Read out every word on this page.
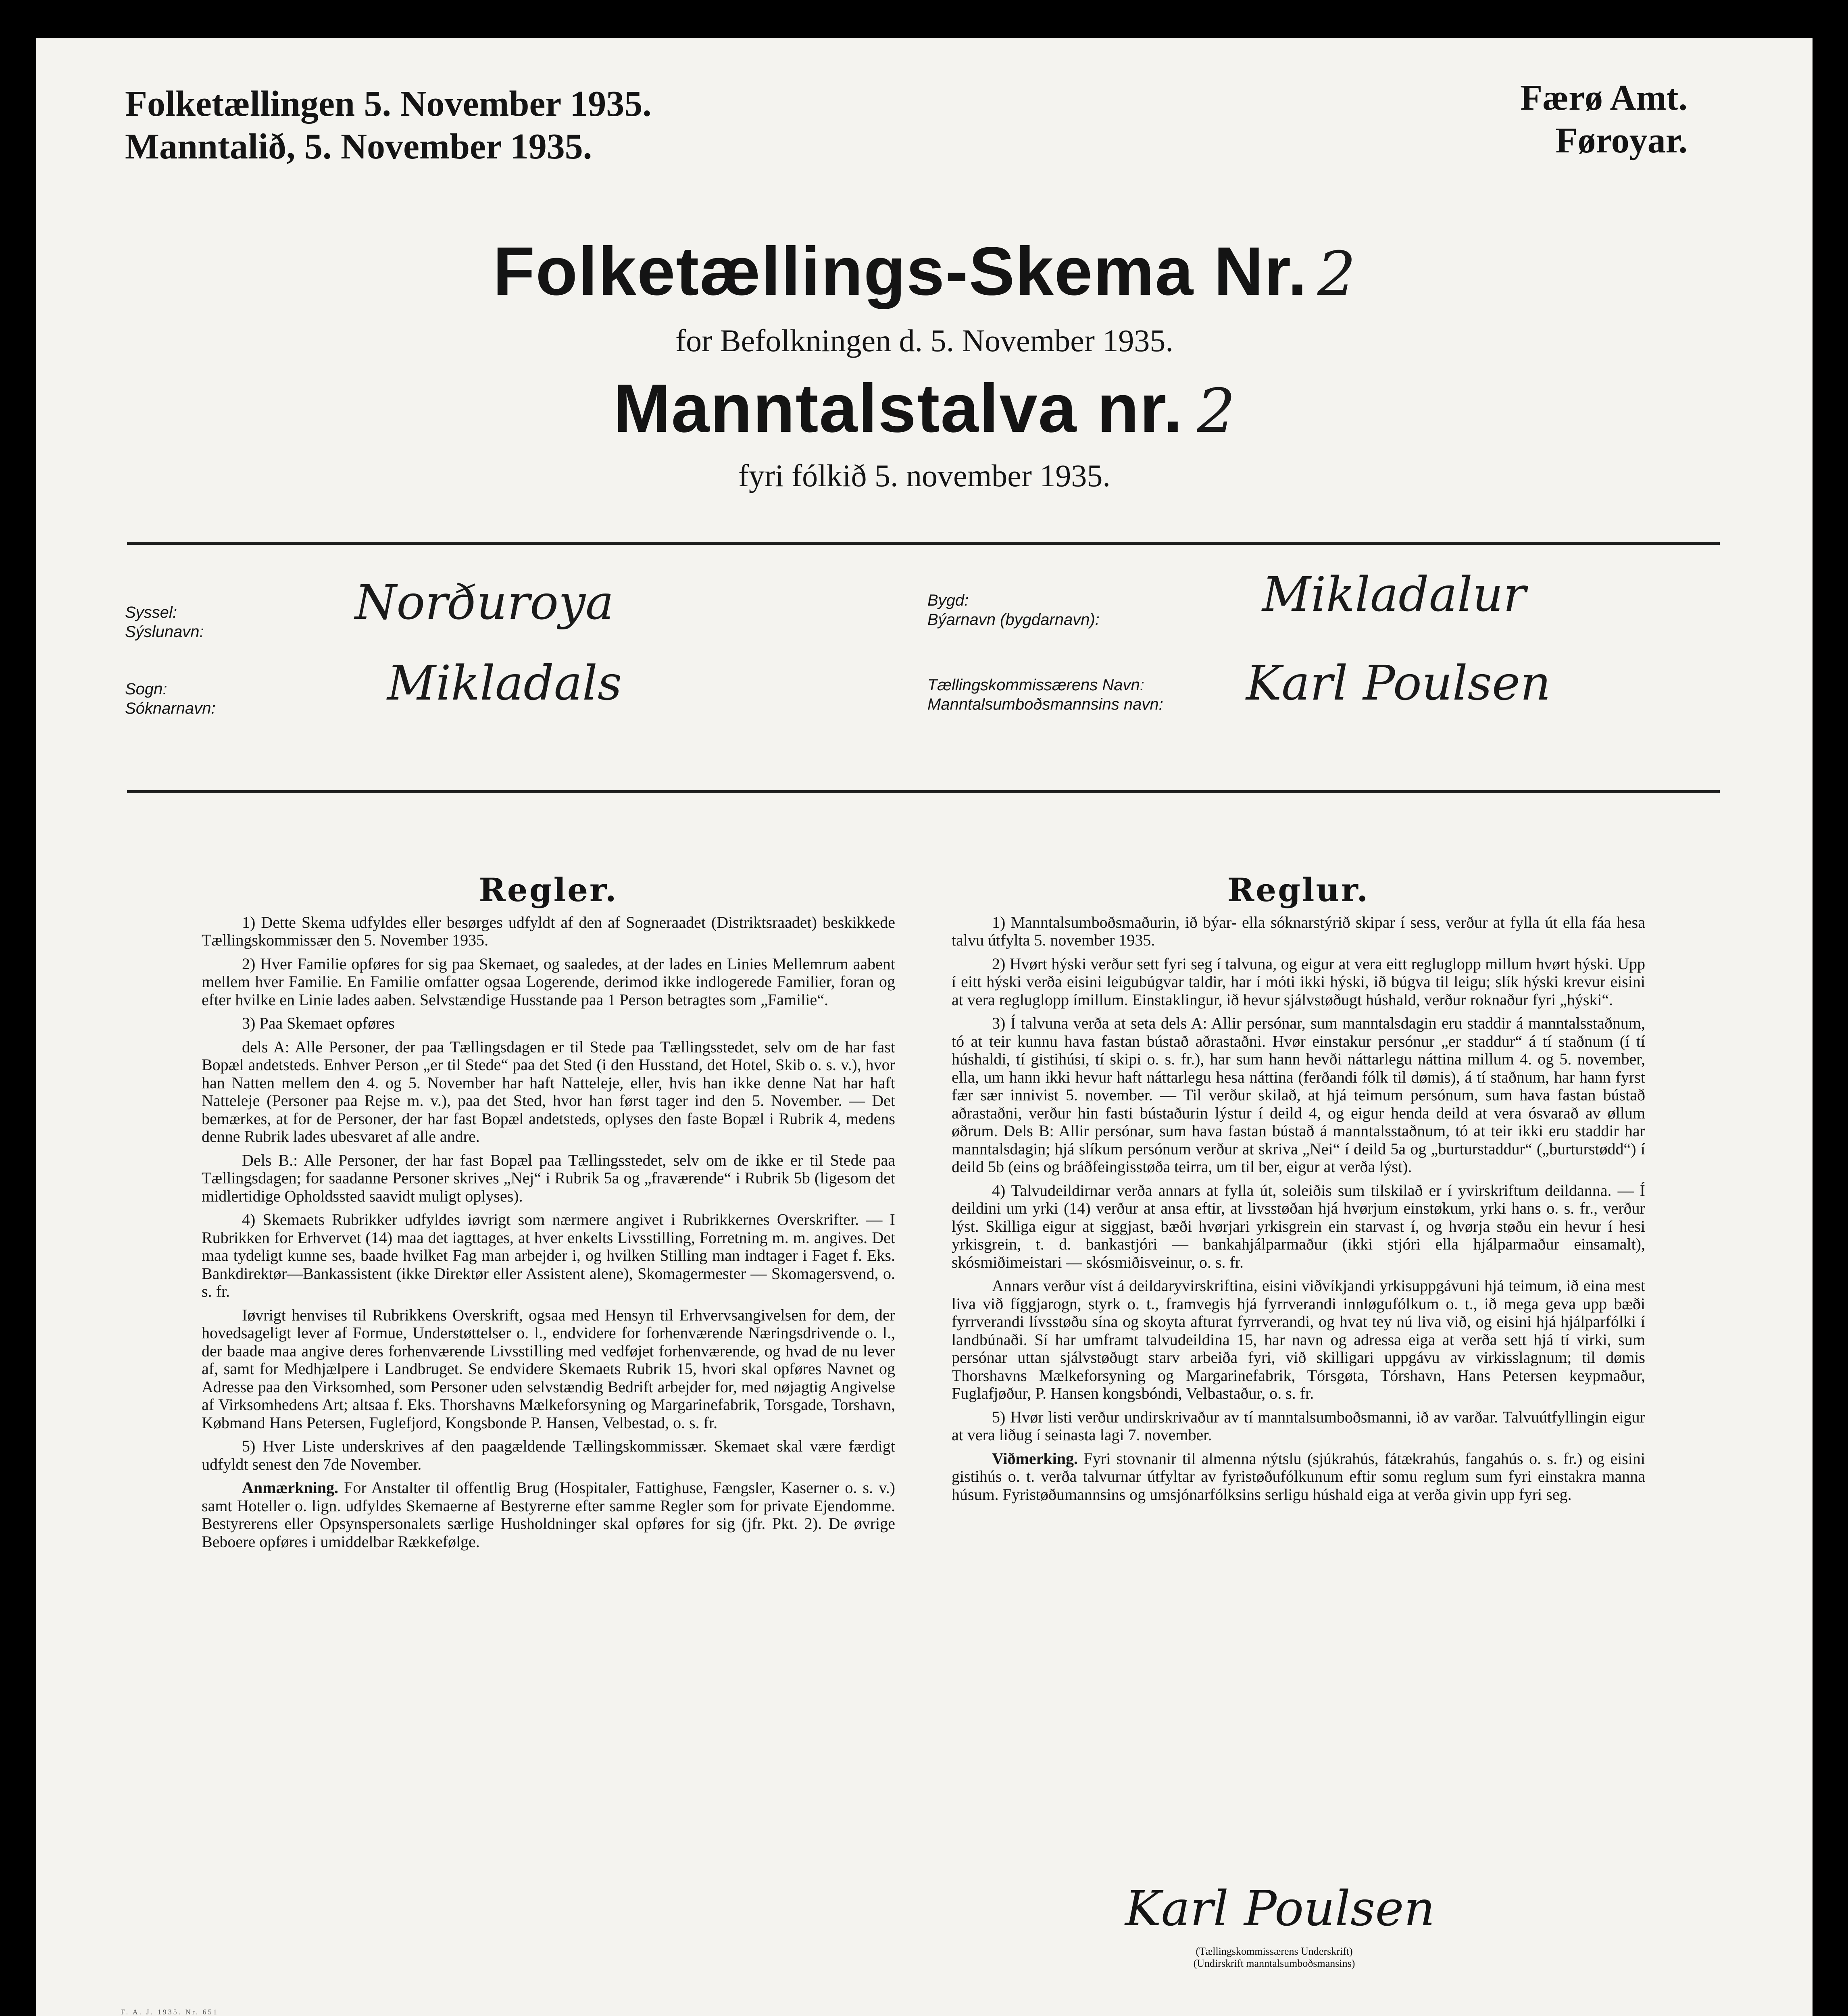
Folketællingen 5. November 1935.
Manntalið, 5. November 1935.
Færø Amt.
Føroyar.
Folketællings-Skema Nr. 2
for Befolkningen d. 5. November 1935.
Manntalstalva nr. 2
fyri fólkið 5. november 1935.
Syssel:
Sýslunavn:
Norðuroya
Sogn:
Sóknarnavn:	Mikladals
Bygd:
Býarnavn (bygdarnavn):	Mikladalur
Tællingskommissærens Navn:
Manntalsumboðsmannsins navn: Karl Poulsen
Regler.

1) Dette Skema udfyldes eller besørges udfyldt af den af Sogneraadet (Distriktsraadet) beskikkede Tællingskommissær den 5. November 1935.

2) Hver Familie opføres for sig paa Skemaet, og saaledes, at der lades en Linies Mellemrum aabent mellem hver Familie. En Familie omfatter ogsaa Logerende, derimod ikke indlogerede Familier, foran og efter hvilke en Linie lades aaben. Selvstændige Husstande paa 1 Person betragtes som „Familie“.

3) Paa Skemaet opføres

dels A: Alle Personer, der paa Tællingsdagen er til Stede paa Tællingsstedet, selv om de har fast Bopæl andetsteds. Enhver Person „er til Stede“ paa det Sted (i den Husstand, det Hotel, Skib o. s. v.), hvor han Natten mellem den 4. og 5. November har haft Natteleje, eller, hvis han ikke denne Nat har haft Natteleje (Personer paa Rejse m. v.), paa det Sted, hvor han først tager ind den 5. November. — Det bemærkes, at for de Personer, der har fast Bopæl andetsteds, oplyses den faste Bopæl i Rubrik 4, medens denne Rubrik lades ubesvaret af alle andre.

Dels B.: Alle Personer, der har fast Bopæl paa Tællingsstedet, selv om de ikke er til Stede paa Tællingsdagen; for saadanne Personer skrives „Nej“ i Rubrik 5a og „fraværende“ i Rubrik 5b (ligesom det midlertidige Opholdssted saavidt muligt oplyses).

4) Skemaets Rubrikker udfyldes iøvrigt som nærmere angivet i Rubrikkernes Overskrifter. — I Rubrikken for Erhvervet (14) maa det iagttages, at hver enkelts Livsstilling, Forretning m. m. angives. Det maa tydeligt kunne ses, baade hvilket Fag man arbejder i, og hvilken Stilling man indtager i Faget f. Eks. Bankdirektør—Bankassistent (ikke Direktør eller Assistent alene), Skomagermester — Skomagersvend, o. s. fr.

Iøvrigt henvises til Rubrikkens Overskrift, ogsaa med Hensyn til Erhvervsangivelsen for dem, der hovedsageligt lever af Formue, Understøttelser o. l., endvidere for forhenværende Næringsdrivende o. l., der baade maa angive deres forhenværende Livsstilling med vedføjet forhenværende, og hvad de nu lever af, samt for Medhjælpere i Landbruget. Se endvidere Skemaets Rubrik 15, hvori skal opføres Navnet og Adresse paa den Virksomhed, som Personer uden selvstændig Bedrift arbejder for, med nøjagtig Angivelse af Virksomhedens Art; altsaa f. Eks. Thorshavns Mælkeforsyning og Margarinefabrik, Torsgade, Torshavn, Købmand Hans Petersen, Fuglefjord, Kongsbonde P. Hansen, Velbestad, o. s. fr.

5) Hver Liste underskrives af den paagældende Tællingskommissær. Skemaet skal være færdigt udfyldt senest den 7de November.

Anmærkning. For Anstalter til offentlig Brug (Hospitaler, Fattighuse, Fængsler, Kaserner o. s. v.) samt Hoteller o. lign. udfyldes Skemaerne af Bestyrerne efter samme Regler som for private Ejendomme. Bestyrerens eller Opsynspersonalets særlige Husholdninger skal opføres for sig (jfr. Pkt. 2). De øvrige Beboere opføres i umiddelbar Rækkefølge.

Reglur.

1) Manntalsumboðsmaðurin, ið býar- ella sóknarstýrið skipar í sess, verður at fylla út ella fáa hesa talvu útfylta 5. november 1935.

2) Hvørt hýski verður sett fyri seg í talvuna, og eigur at vera eitt regluglopp millum hvørt hýski. Upp í eitt hýski verða eisini leigubúgvar taldir, har í móti ikki hýski, ið búgva til leigu; slík hýski krevur eisini at vera regluglopp ímillum. Einstaklingur, ið hevur sjálvstøðugt húshald, verður roknaður fyri „hýski“.

3) Í talvuna verða at seta dels A: Allir persónar, sum manntalsdagin eru staddir á manntalsstaðnum, tó at teir kunnu hava fastan bústað aðrastaðni. Hvør einstakur persónur „er staddur“ á tí staðnum (í tí húshaldi, tí gistihúsi, tí skipi o. s. fr.), har sum hann hevði náttarlegu náttina millum 4. og 5. november, ella, um hann ikki hevur haft náttarlegu hesa náttina (ferðandi fólk til dømis), á tí staðnum, har hann fyrst fær sær innivist 5. november. — Til verður skilað, at hjá teimum persónum, sum hava fastan bústað aðrastaðni, verður hin fasti bústaðurin lýstur í deild 4, og eigur henda deild at vera ósvarað av øllum øðrum. Dels B: Allir persónar, sum hava fastan bústað á manntalsstaðnum, tó at teir ikki eru staddir har manntalsdagin; hjá slíkum persónum verður at skriva „Nei“ í deild 5a og „burturstaddur“ („burturstødd“) í deild 5b (eins og bráðfeingisstøða teirra, um til ber, eigur at verða lýst).

4) Talvudeildirnar verða annars at fylla út, soleiðis sum tilskilað er í yvirskriftum deildanna. — Í deildini um yrki (14) verður at ansa eftir, at livsstøðan hjá hvørjum einstøkum, yrki hans o. s. fr., verður lýst. Skilliga eigur at siggjast, bæði hvørjari yrkisgrein ein starvast í, og hvørja støðu ein hevur í hesi yrkisgrein, t. d. bankastjóri — bankahjálparmaður (ikki stjóri ella hjálparmaður einsamalt), skósmiðimeistari — skósmiðisveinur, o. s. fr.

Annars verður víst á deildaryvirskriftina, eisini viðvíkjandi yrkisuppgávuni hjá teimum, ið eina mest liva við fíggjarogn, styrk o. t., framvegis hjá fyrrverandi innløgufólkum o. t., ið mega geva upp bæði fyrrverandi lívsstøðu sína og skoyta afturat fyrrverandi, og hvat tey nú liva við, og eisini hjá hjálparfólki í landbúnaði. Sí har umframt talvudeildina 15, har navn og adressa eiga at verða sett hjá tí virki, sum persónar uttan sjálvstøðugt starv arbeiða fyri, við skilligari uppgávu av virkisslagnum; til dømis Thorshavns Mælkeforsyning og Margarinefabrik, Tórsgøta, Tórshavn, Hans Petersen keypmaður, Fuglafjøður, P. Hansen kongsbóndi, Velbastaður, o. s. fr.

5) Hvør listi verður undirskrivaður av tí manntalsumboðsmanni, ið av varðar. Talvuútfyllingin eigur at vera liðug í seinasta lagi 7. november.

Viðmerking. Fyri stovnanir til almenna nýtslu (sjúkrahús, fátækrahús, fangahús o. s. fr.) og eisini gistihús o. t. verða talvurnar útfyltar av fyristøðufólkunum eftir somu reglum sum fyri einstakra manna húsum. Fyristøðumannsins og umsjónarfólksins serligu húshald eiga at verða givin upp fyri seg.

Karl Poulsen
(Tællingskommissærens Underskrift)
(Undirskrift manntalsumboðsmansins)
F. A. J. 1935. Nr. 651
